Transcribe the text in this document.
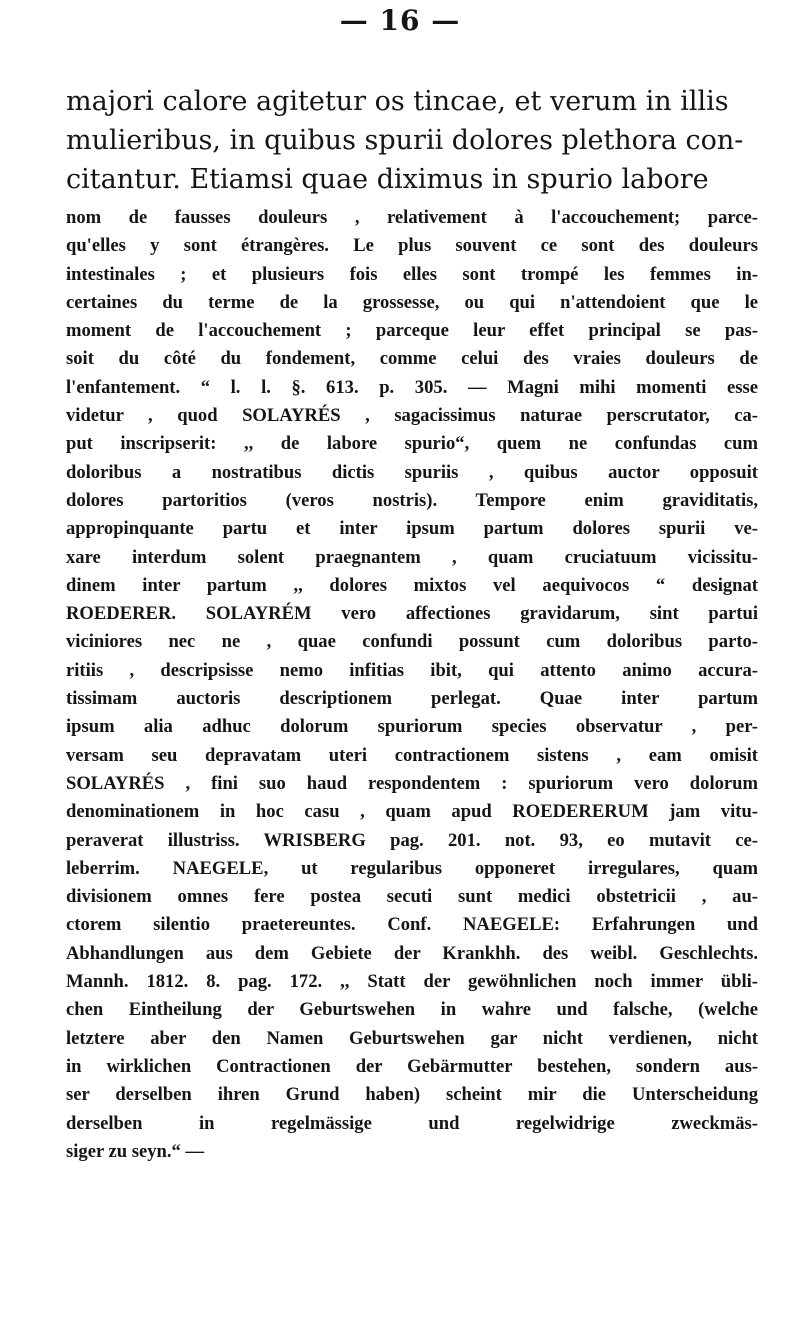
— 16 —

majori calore agitetur os tincae, et verum in illis
mulieribus, in quibus spurii dolores plethora con-
citantur. Etiamsi quae diximus in spurio labore

nom de fausses douleurs , relativement à l'accouchement; parce-
qu'elles y sont étrangères. Le plus souvent ce sont des douleurs
intestinales ; et plusieurs fois elles sont trompé les femmes in-
certaines du terme de la grossesse, ou qui n'attendoient que le
moment de l'accouchement ; parceque leur effet principal se pas-
soit du côté du fondement, comme celui des vraies douleurs de
l'enfantement. “ l. l. §. 613. p. 305. — Magni mihi momenti esse
videtur , quod SOLAYRÉS , sagacissimus naturae perscrutator, ca-
put inscripserit: ,, de labore spurio“, quem ne confundas cum
doloribus a nostratibus dictis spuriis , quibus auctor opposuit
dolores partoritios (veros nostris). Tempore enim graviditatis,
appropinquante partu et inter ipsum partum dolores spurii ve-
xare interdum solent praegnantem , quam cruciatuum vicissitu-
dinem inter partum ,, dolores mixtos vel aequivocos “ designat
ROEDERER. SOLAYRÉM vero affectiones gravidarum, sint partui
viciniores nec ne , quae confundi possunt cum doloribus parto-
ritiis , descripsisse nemo infitias ibit, qui attento animo accura-
tissimam auctoris descriptionem perlegat. Quae inter partum
ipsum alia adhuc dolorum spuriorum species observatur , per-
versam seu depravatam uteri contractionem sistens , eam omisit
SOLAYRÉS , fini suo haud respondentem : spuriorum vero dolorum
denominationem in hoc casu , quam apud ROEDERERUM jam vitu-
peraverat illustriss. WRISBERG pag. 201. not. 93, eo mutavit ce-
leberrim. NAEGELE, ut regularibus opponeret irregulares, quam
divisionem omnes fere postea secuti sunt medici obstetricii , au-
ctorem silentio praetereuntes. Conf. NAEGELE: Erfahrungen und
Abhandlungen aus dem Gebiete der Krankhh. des weibl. Geschlechts.
Mannh. 1812. 8. pag. 172. ,, Statt der gewöhnlichen noch immer übli-
chen Eintheilung der Geburtswehen in wahre und falsche, (welche
letztere aber den Namen Geburtswehen gar nicht verdienen, nicht
in wirklichen Contractionen der Gebärmutter bestehen, sondern aus-
ser derselben ihren Grund haben) scheint mir die Unterscheidung
derselben in regelmässige und regelwidrige zweckmäs-
siger zu seyn.“ —
